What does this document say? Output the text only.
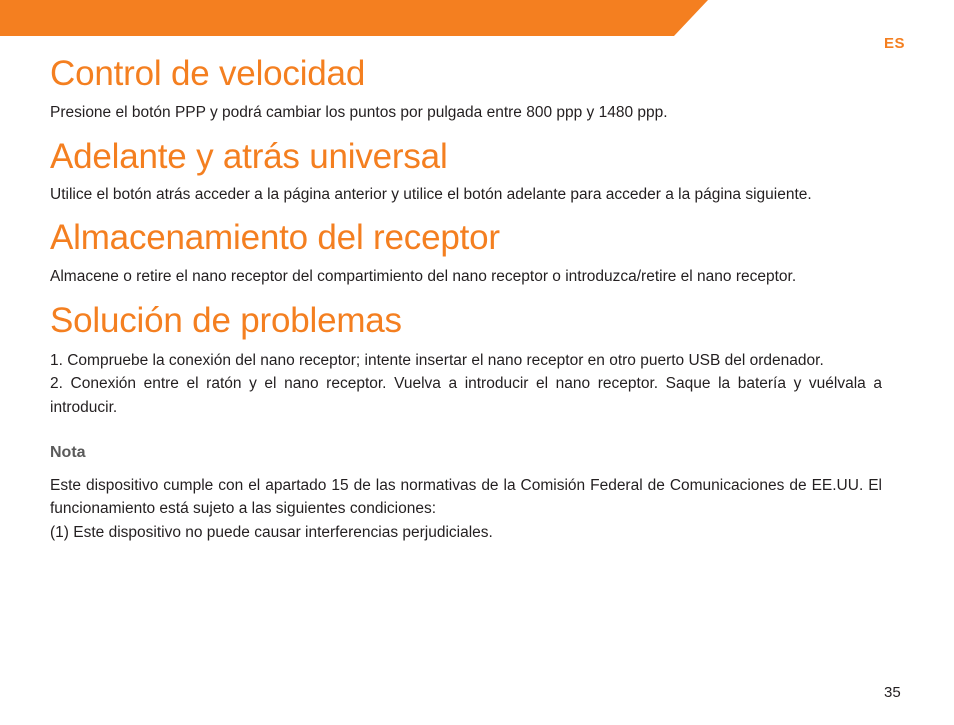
ES
Control de velocidad

Presione el botón PPP y podrá cambiar los puntos por pulgada entre 800 ppp y 1480 ppp.

Adelante y atrás universal

Utilice el botón atrás acceder a la página anterior y utilice el botón adelante para acceder a la página siguiente.

Almacenamiento del receptor

Almacene o retire el nano receptor del compartimiento del nano receptor o introduzca/retire el nano receptor.

Solución de problemas

1. Compruebe la conexión del nano receptor; intente insertar el nano receptor en otro puerto USB del ordenador.

2. Conexión entre el ratón y el nano receptor. Vuelva a introducir el nano receptor. Saque la batería y vuélvala a introducir.

Nota

Este dispositivo cumple con el apartado 15 de las normativas de la Comisión Federal de Comunicaciones de EE.UU. El funcionamiento está sujeto a las siguientes condiciones:

(1) Este dispositivo no puede causar interferencias perjudiciales.

35
